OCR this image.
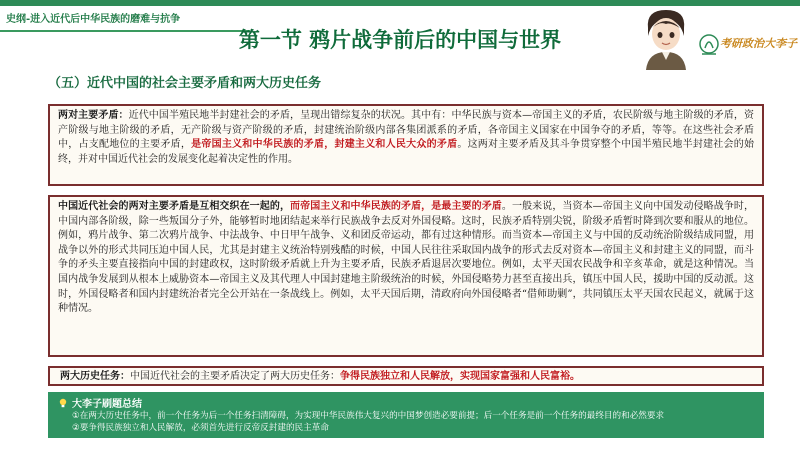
史纲-进入近代后中华民族的磨难与抗争
第一节 鸦片战争前后的中国与世界	考研政治大李子
（五）近代中国的社会主要矛盾和两大历史任务
两对主要矛盾：近代中国半殖民地半封建社会的矛盾，呈现出错综复杂的状况。其中有：中华民族与资本—帝国主义的矛盾，农民阶级与地主阶级的矛盾，资产阶级与地主阶级的矛盾，无产阶级与资产阶级的矛盾，封建统治阶级内部各集团派系的矛盾，各帝国主义国家在中国争夺的矛盾，等等。在这些社会矛盾中，占支配地位的主要矛盾，是帝国主义和中华民族的矛盾，封建主义和人民大众的矛盾。这两对主要矛盾及其斗争贯穿整个中国半殖民地半封建社会的始终，并对中国近代社会的发展变化起着决定性的作用。
中国近代社会的两对主要矛盾是互相交织在一起的，而帝国主义和中华民族的矛盾，是最主要的矛盾。一般来说，当资本—帝国主义向中国发动侵略战争时，中国内部各阶级，除一些叛国分子外，能够暂时地团结起来举行民族战争去反对外国侵略。这时，民族矛盾特别尖锐，阶级矛盾暂时降到次要和服从的地位。例如，鸦片战争、第二次鸦片战争、中法战争、中日甲午战争、义和团反帝运动，都有过这种情形。而当资本—帝国主义与中国的反动统治阶级结成同盟，用战争以外的形式共同压迫中国人民，尤其是封建主义统治特别残酷的时候，中国人民往往采取国内战争的形式去反对资本—帝国主义和封建主义的同盟，而斗争的矛头主要直接指向中国的封建政权，这时阶级矛盾就上升为主要矛盾，民族矛盾退居次要地位。例如，太平天国农民战争和辛亥革命，就是这种情况。当国内战争发展到从根本上威胁资本—帝国主义及其代理人中国封建地主阶级统治的时候，外国侵略势力甚至直接出兵，镇压中国人民，援助中国的反动派。这时，外国侵略者和国内封建统治者完全公开站在一条战线上。例如，太平天国后期，清政府向外国侵略者“借师助剿”，共同镇压太平天国农民起义，就属于这种情况。
两大历史任务：中国近代社会的主要矛盾决定了两大历史任务：争得民族独立和人民解放，实现国家富强和人民富裕。
大李子刷题总结
①在两大历史任务中，前一个任务为后一个任务扫清障碍，为实现中华民族伟大复兴的中国梦创造必要前提；后一个任务是前一个任务的最终目的和必然要求
②要争得民族独立和人民解放，必须首先进行反帝反封建的民主革命
